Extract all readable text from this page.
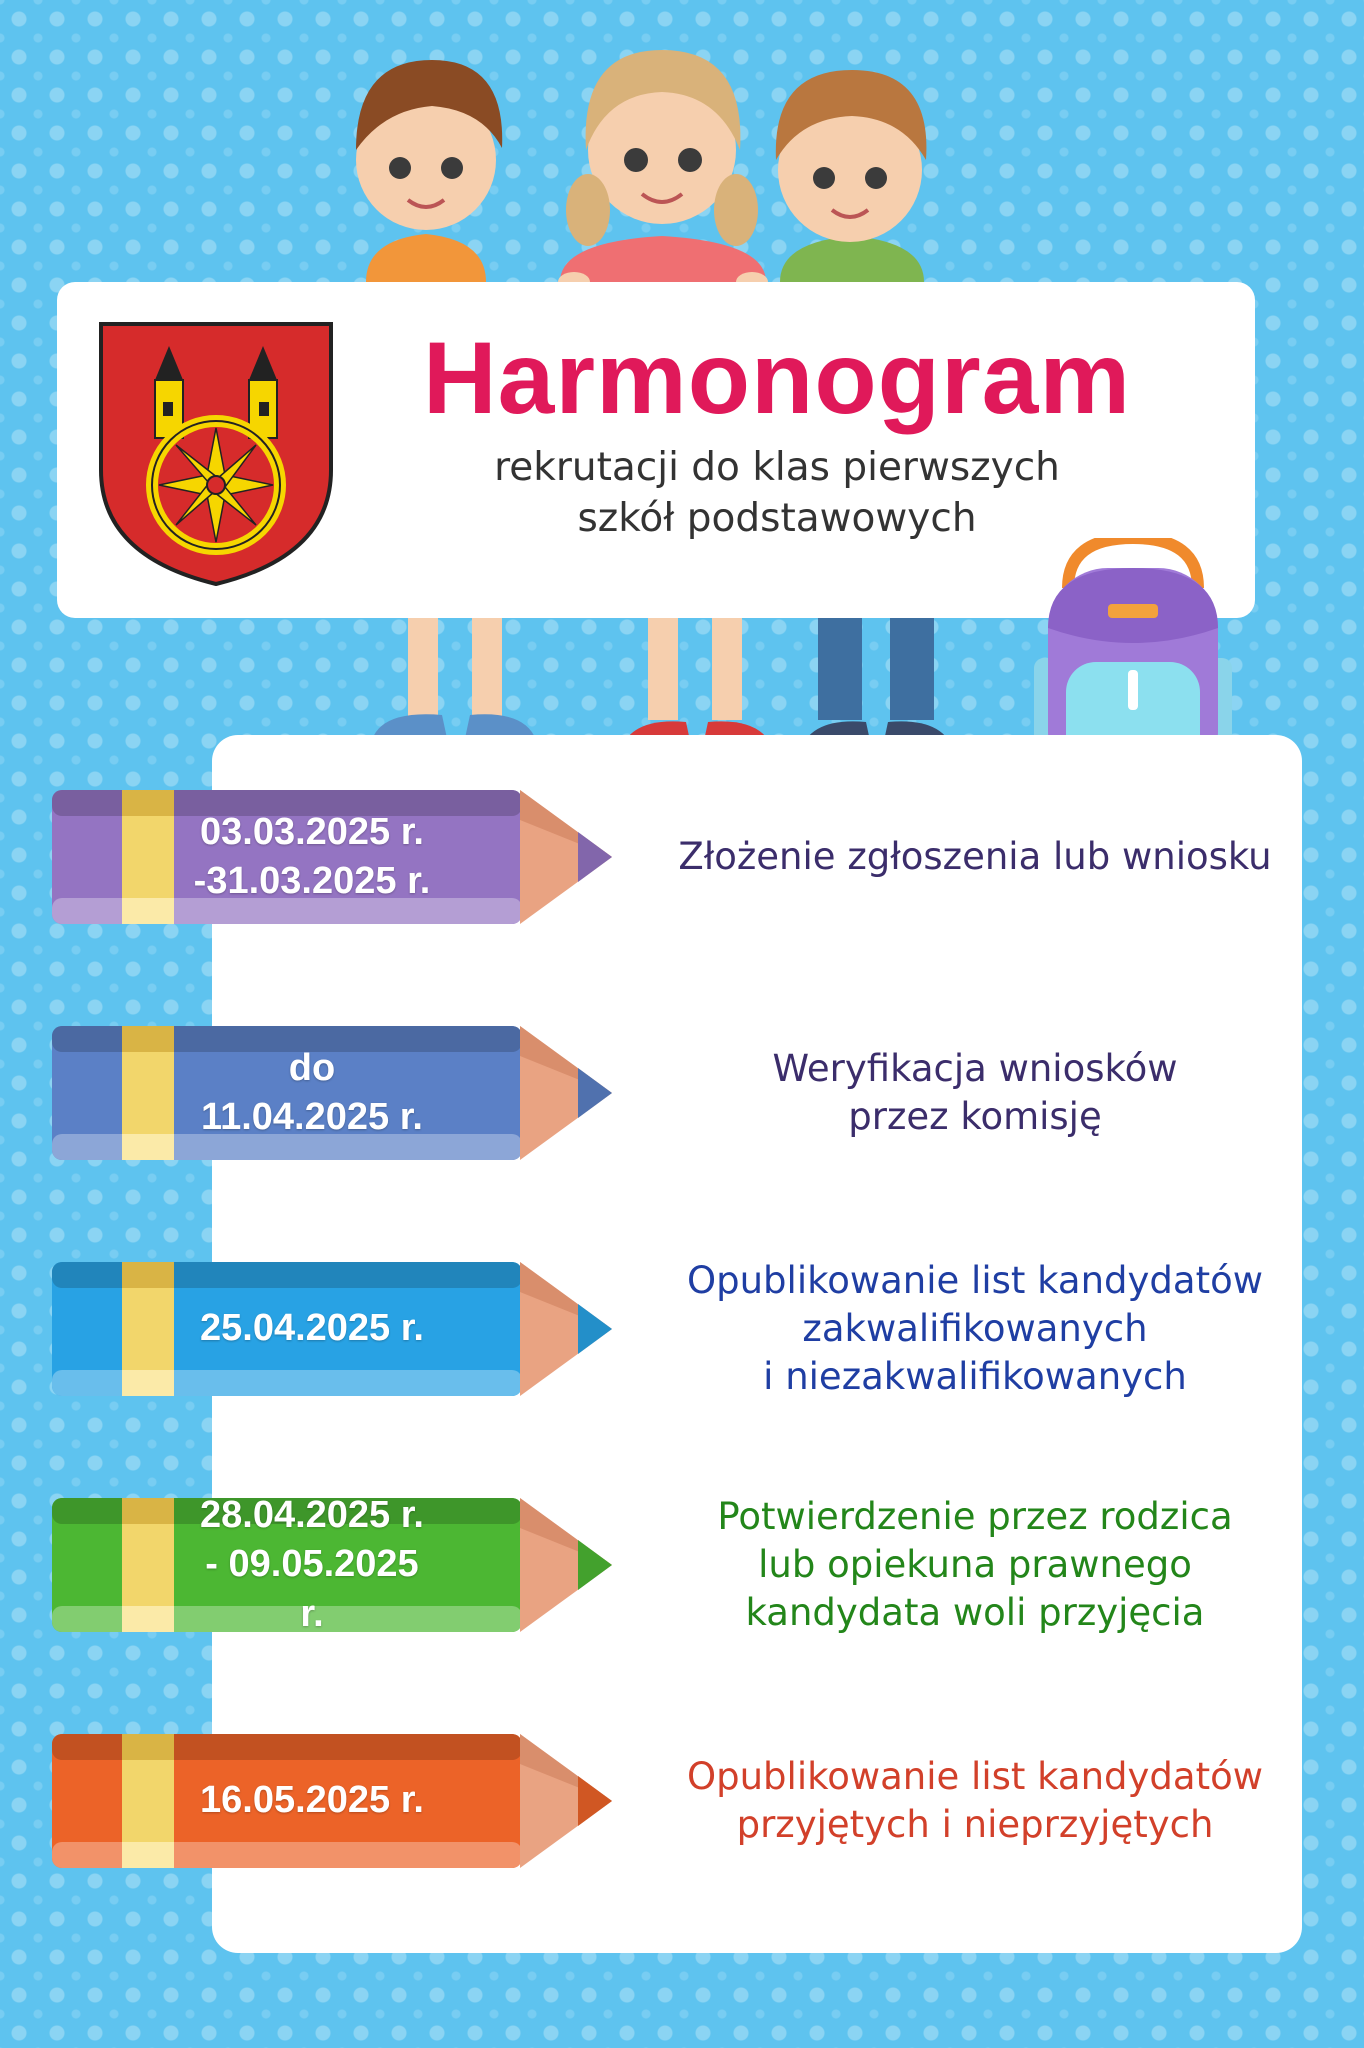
Harmonogram
rekrutacji do klas pierwszych
szkół podstawowych
03.03.2025 r.
-31.03.2025 r.
Złożenie zgłoszenia lub wniosku
do 11.04.2025 r.
Weryfikacja wniosków
przez komisję
25.04.2025 r.
Opublikowanie list kandydatów
zakwalifikowanych
i niezakwalifikowanych
28.04.2025 r.
- 09.05.2025 r.
Potwierdzenie przez rodzica
lub opiekuna prawnego
kandydata woli przyjęcia
16.05.2025 r.
Opublikowanie list kandydatów
przyjętych i nieprzyjętych
